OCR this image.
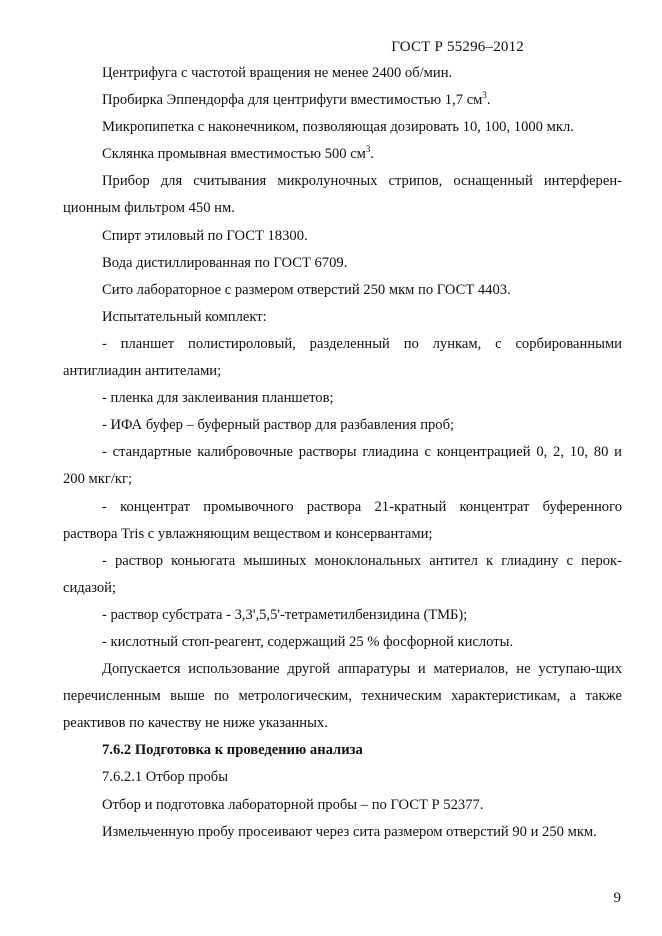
ГОСТ Р 55296–2012

Центрифуга с частотой вращения не менее 2400 об/мин.

Пробирка Эппендорфа для центрифуги вместимостью 1,7 $см^3$.

Микропипетка с наконечником, позволяющая дозировать 10, 100, 1000 мкл.

Склянка промывная вместимостью 500 $см^3$.

Прибор для считывания микролуночных стрипов, оснащенный интерферен-ционным фильтром 450 нм.

Спирт этиловый по ГОСТ 18300.

Вода дистиллированная по ГОСТ 6709.

Сито лабораторное с размером отверстий 250 мкм по ГОСТ 4403.

Испытательный комплект:

- планшет полистироловый, разделенный по лункам, с сорбированными антиглиадин антителами;

- пленка для заклеивания планшетов;

- ИФА буфер – буферный раствор для разбавления проб;

- стандартные калибровочные растворы глиадина с концентрацией 0, 2, 10, 80 и 200 мкг/кг;

- концентрат промывочного раствора 21-кратный концентрат буференного раствора Tris с увлажняющим веществом и консервантами;

- раствор коньюгата мышиных моноклональных антител к глиадину с перок-сидазой;

- раствор субстрата - 3,3',5,5'-тетраметилбензидина (ТМБ);

- кислотный стоп-реагент, содержащий 25 % фосфорной кислоты.

Допускается использование другой аппаратуры и материалов, не уступаю-щих перечисленным выше по метрологическим, техническим характеристикам, а также реактивов по качеству не ниже указанных.

7.6.2 Подготовка к проведению анализа

7.6.2.1 Отбор пробы

Отбор и подготовка лабораторной пробы – по ГОСТ Р 52377.

Измельченную пробу просеивают через сита размером отверстий 90 и 250 мкм.

9
